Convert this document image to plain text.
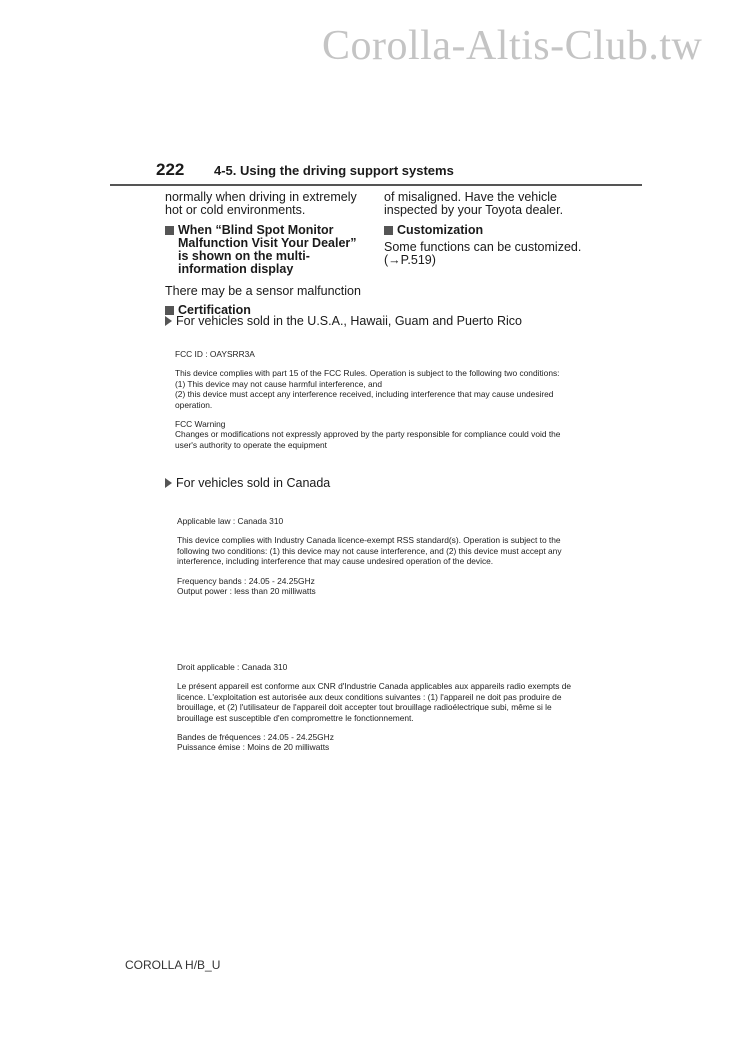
Corolla-Altis-Club.tw
222 4-5. Using the driving support systems

normally when driving in extremely hot or cold environments.

When “Blind Spot Monitor Malfunction Visit Your Dealer” is shown on the multi-information display

There may be a sensor malfunction

Certification

of misaligned. Have the vehicle inspected by your Toyota dealer.

Customization

Some functions can be customized. (→P.519)

For vehicles sold in the U.S.A., Hawaii, Guam and Puerto Rico

FCC ID : OAYSRR3A

This device complies with part 15 of the FCC Rules. Operation is subject to the following two conditions:

(1) This device may not cause harmful interference, and

(2) this device must accept any interference received, including interference that may cause undesired operation.

FCC Warning

Changes or modifications not expressly approved by the party responsible for compliance could void the user's authority to operate the equipment

For vehicles sold in Canada

Applicable law : Canada 310

This device complies with Industry Canada licence-exempt RSS standard(s). Operation is subject to the following two conditions: (1) this device may not cause interference, and (2) this device must accept any interference, including interference that may cause undesired operation of the device.

Frequency bands : 24.05 - 24.25GHz

Output power : less than 20 milliwatts

Droit applicable : Canada 310

Le présent appareil est conforme aux CNR d'Industrie Canada applicables aux appareils radio exempts de licence. L'exploitation est autorisée aux deux conditions suivantes : (1) l'appareil ne doit pas produire de brouillage, et (2) l'utilisateur de l'appareil doit accepter tout brouillage radioélectrique subi, même si le brouillage est susceptible d'en compromettre le fonctionnement.

Bandes de fréquences : 24.05 - 24.25GHz

Puissance émise : Moins de 20 milliwatts

COROLLA H/B_U
